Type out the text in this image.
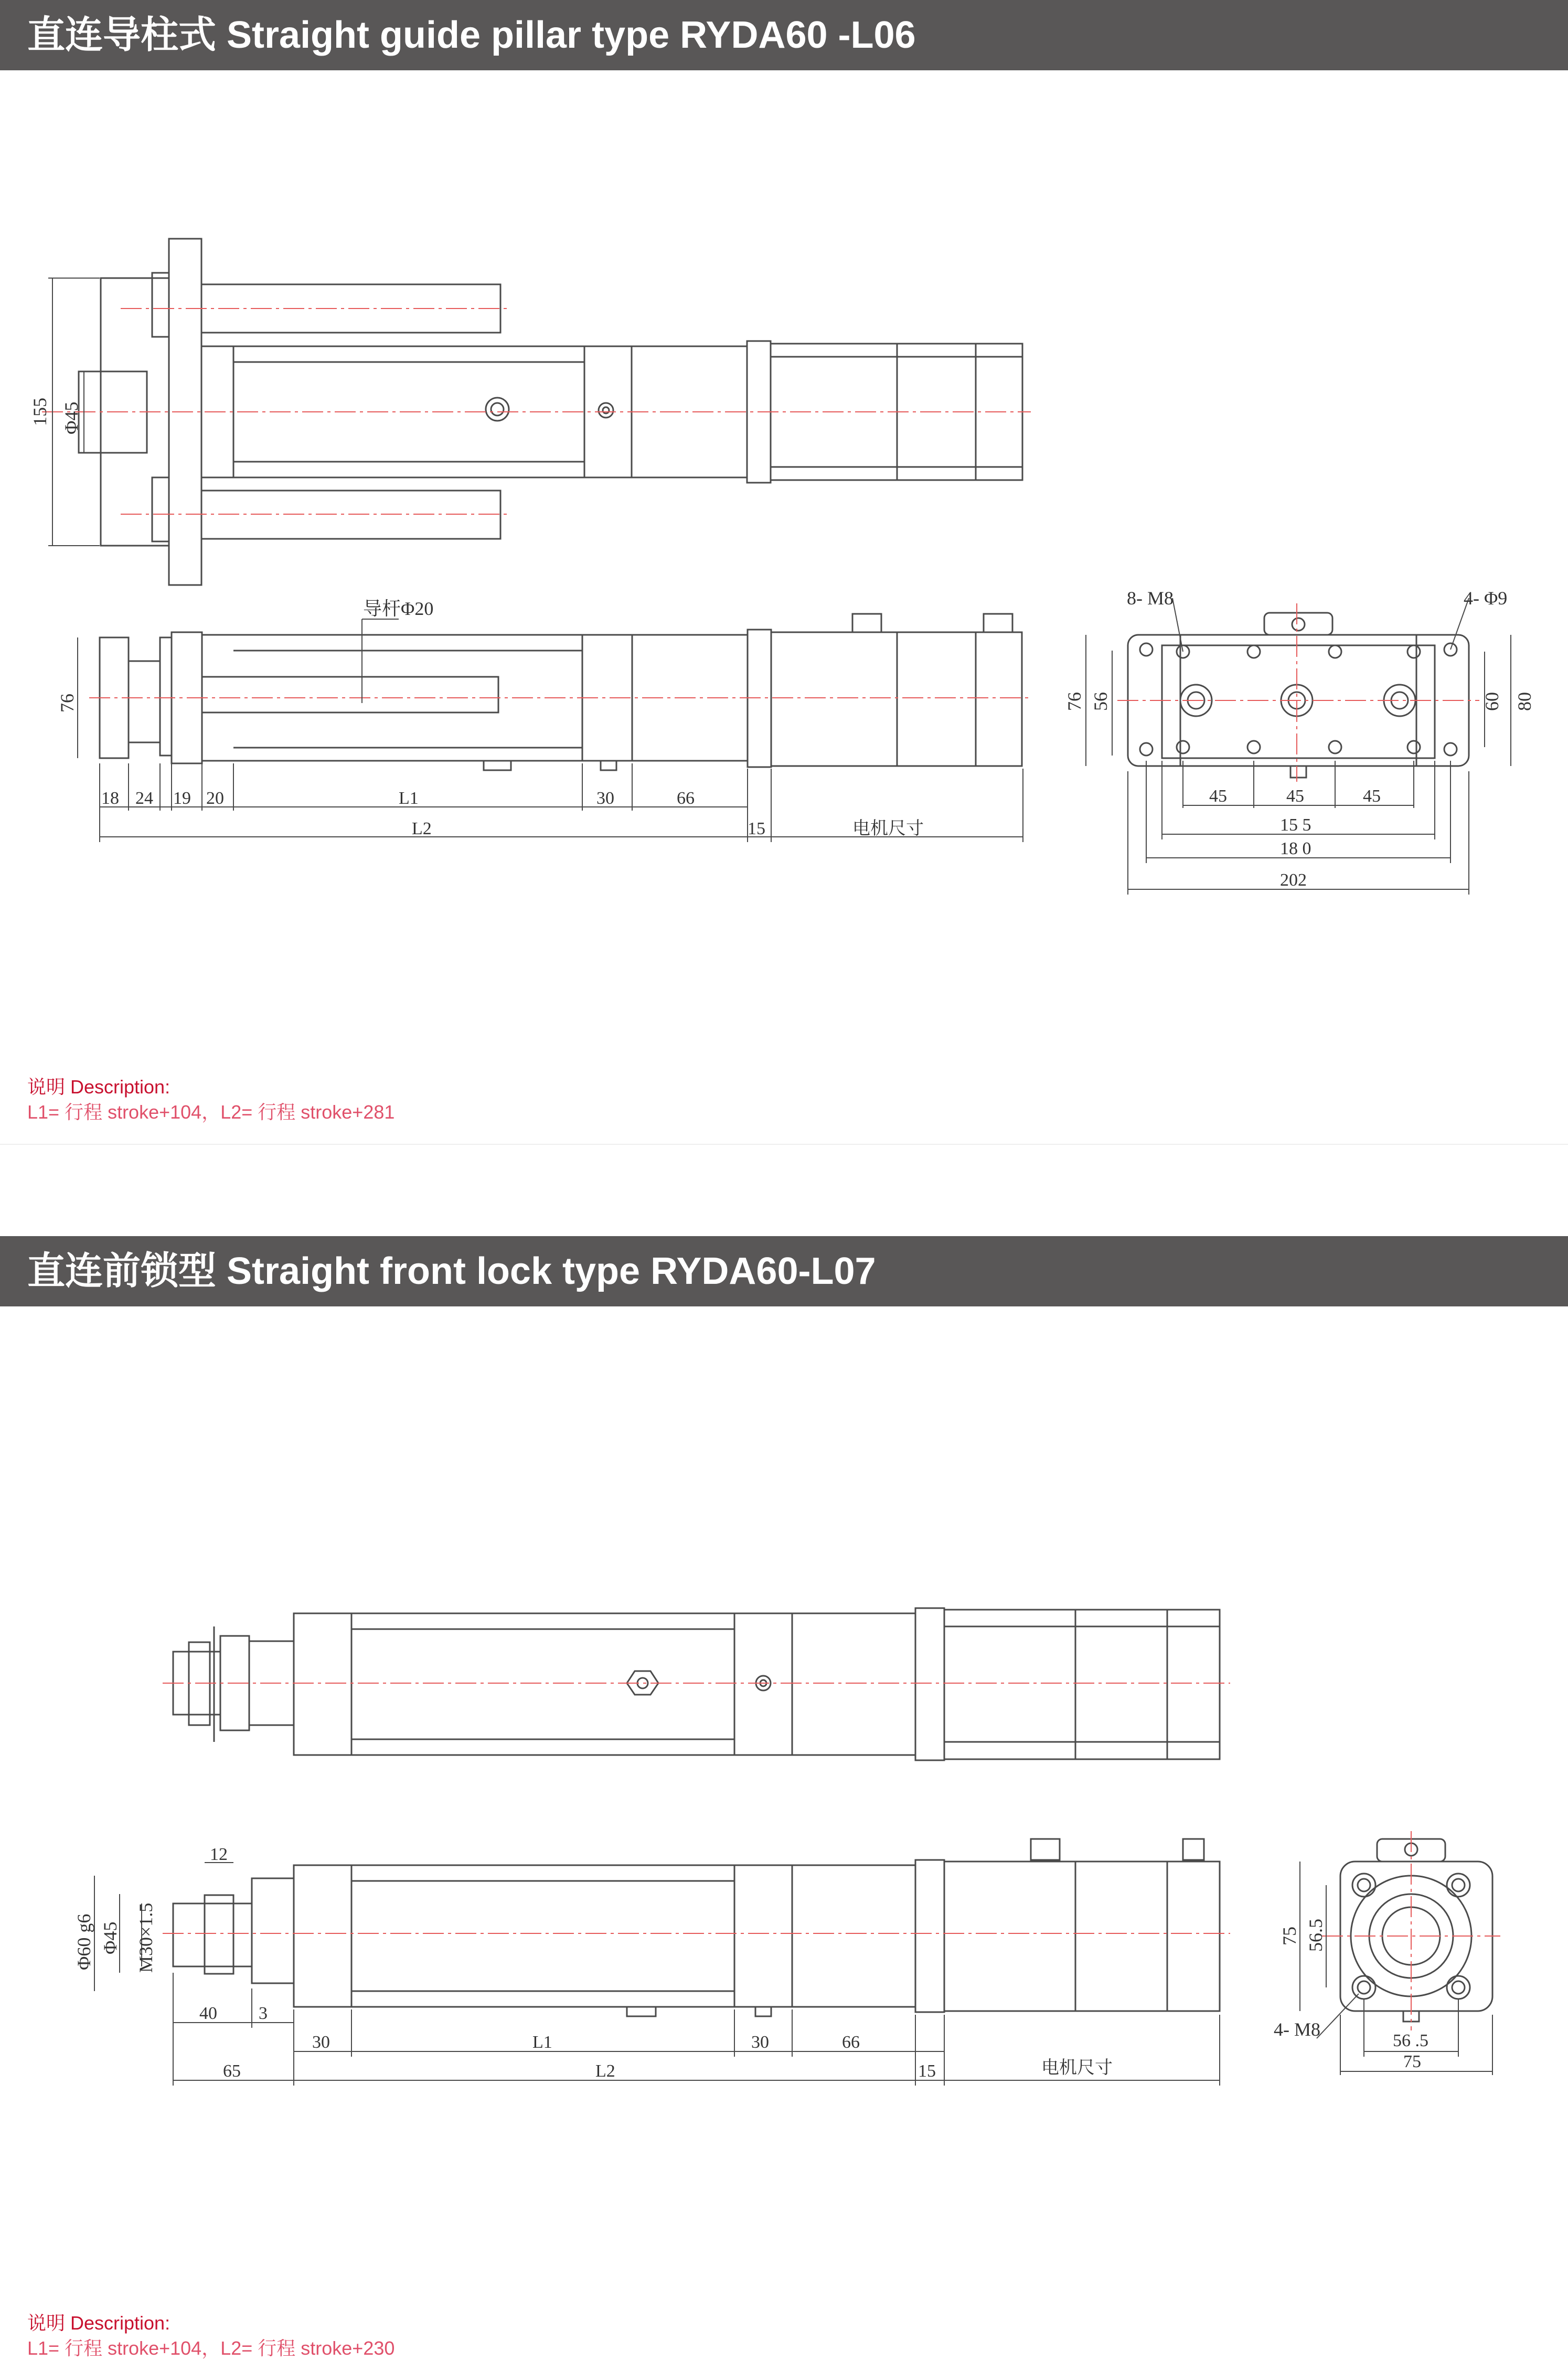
直连导柱式 Straight guide pillar type RYDA60 -L06
直连前锁型 Straight front lock type RYDA60-L07
说明 Description:
L1= 行程 stroke+104，L2= 行程 stroke+281
说明 Description:
L1= 行程 stroke+104，L2= 行程 stroke+230
155 Φ45
导杆Φ20
76
18 24 19 20	L1	30	66
L2	15	电机尺寸
8- M8	4- Φ9
76 56	60 80
45	45	45
15 5
18 0
202
12
Φ60 g6 Φ45 M30×1.5
40 3
30	L1	30	66
65	L2	15	电机尺寸
75 56.5
4- M8
56 .5
75
